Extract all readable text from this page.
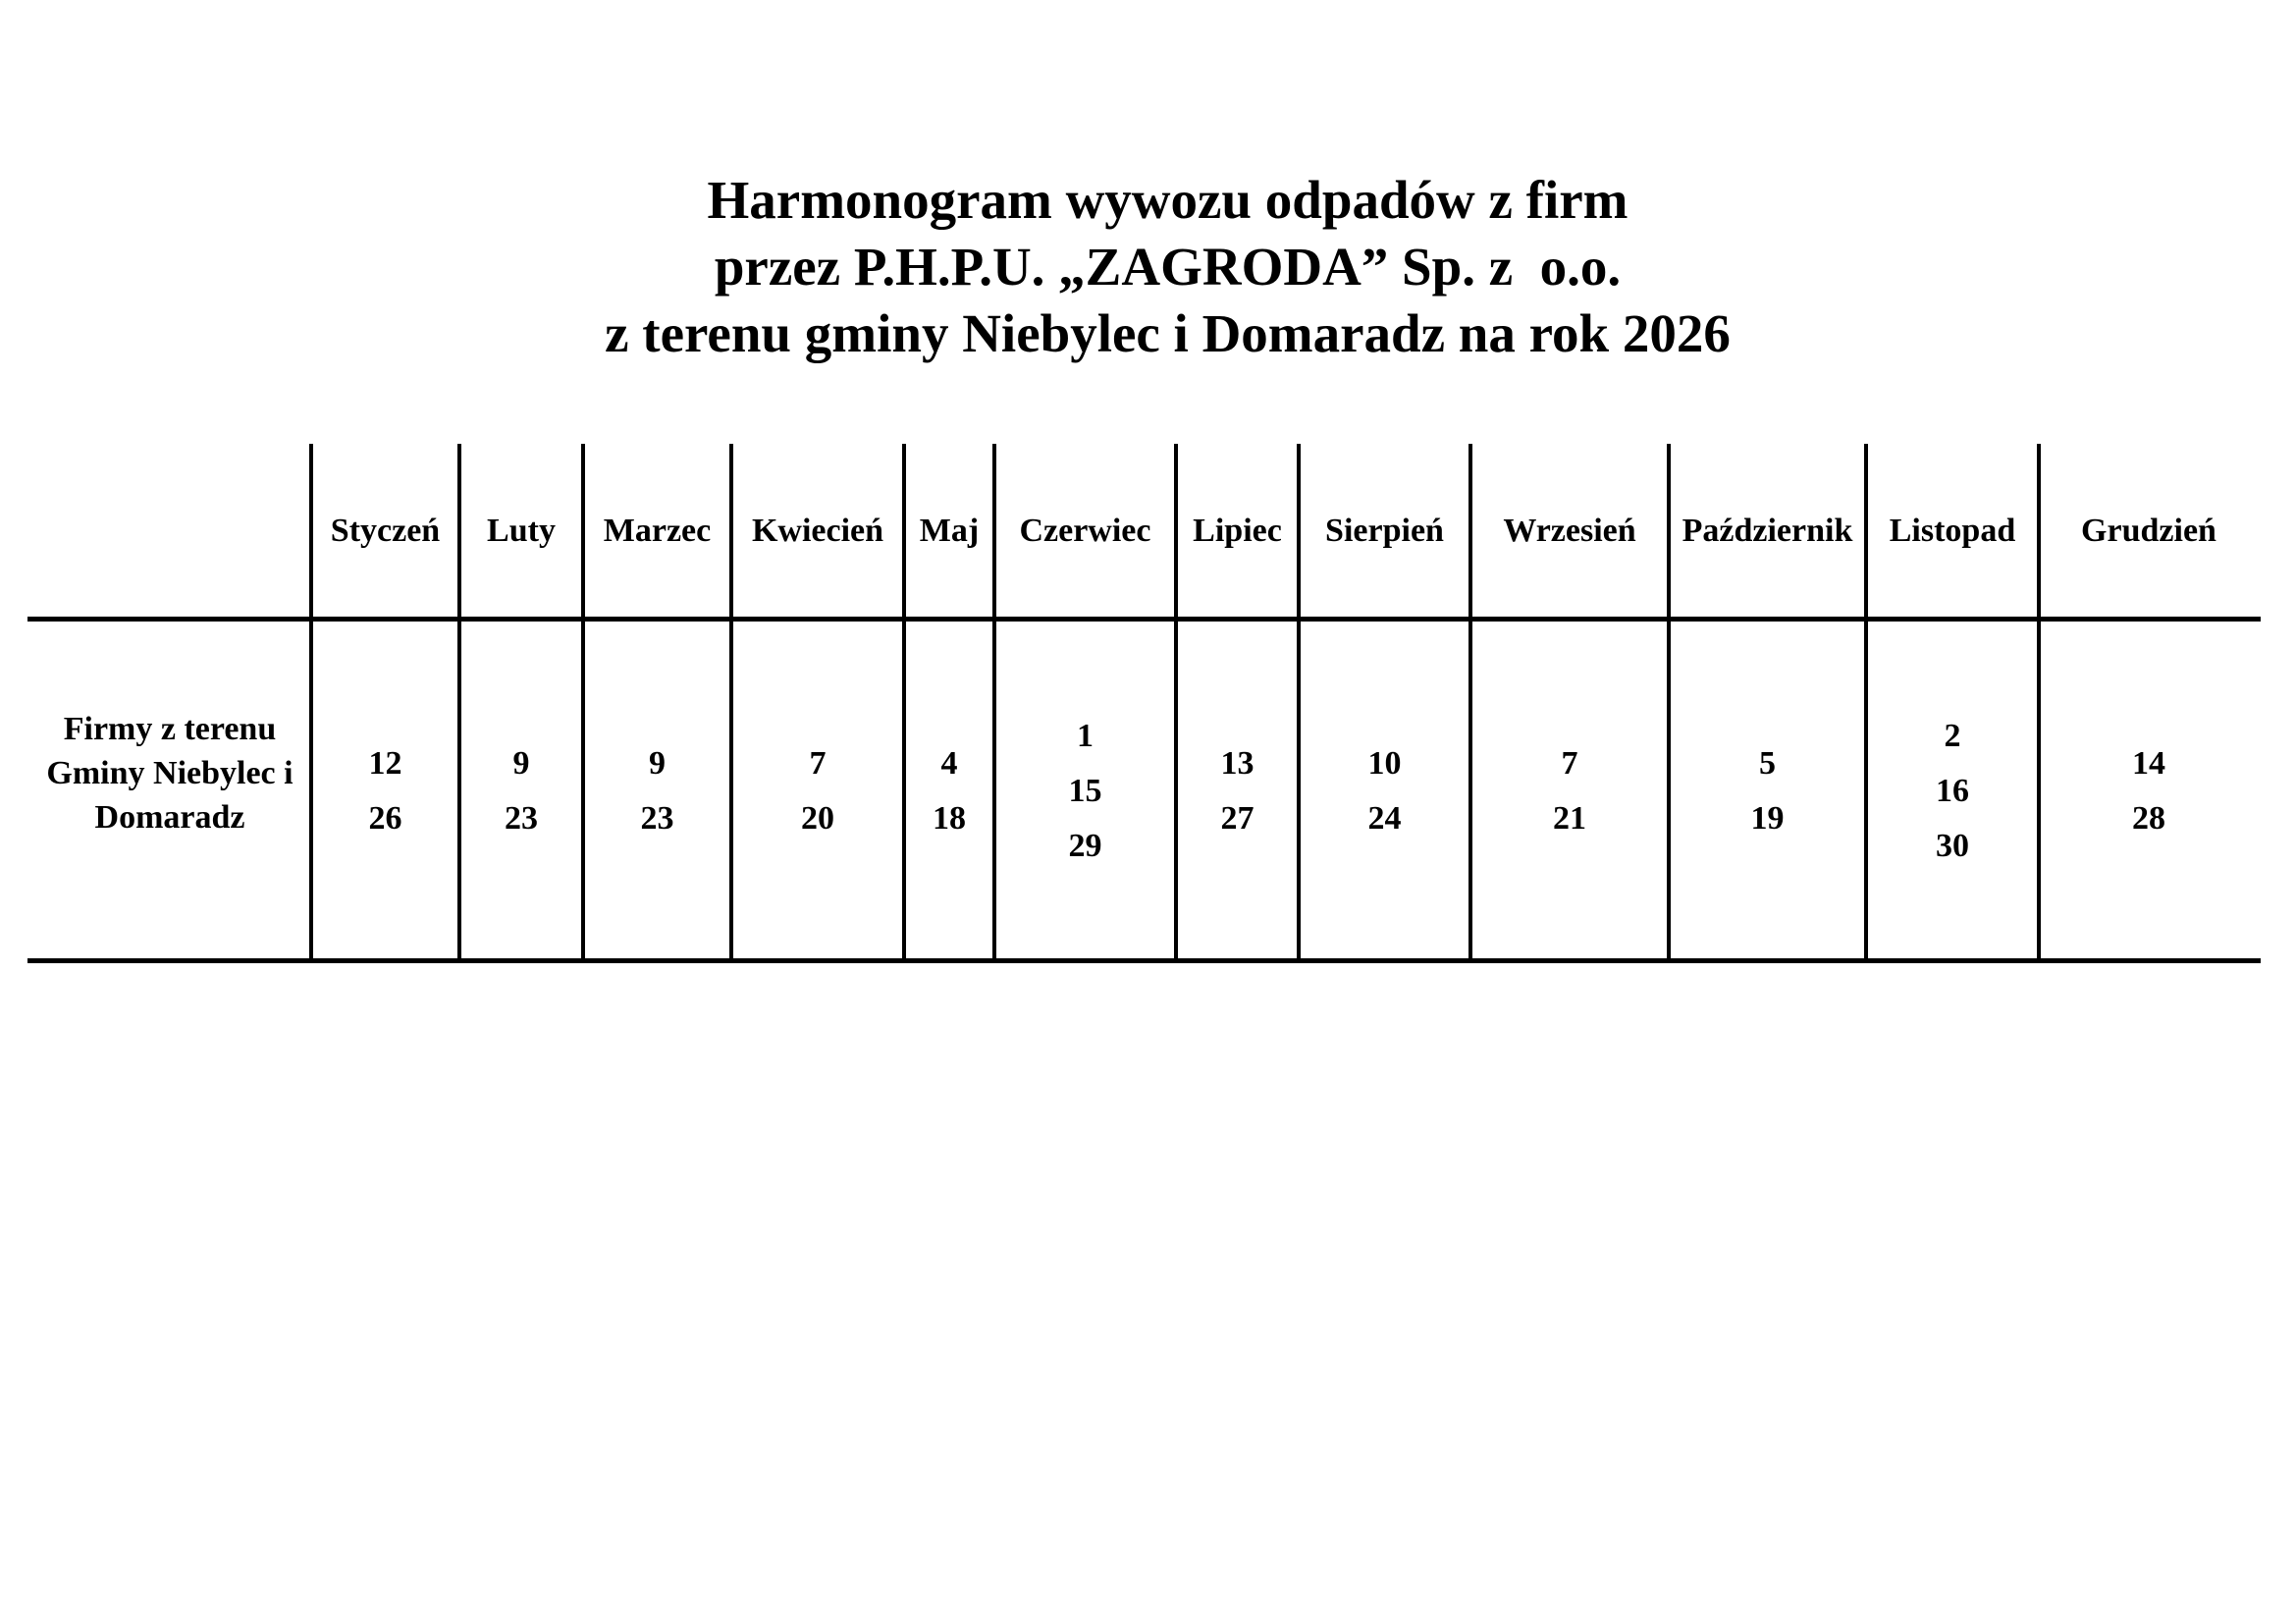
Harmonogram wywozu odpadów z firm
przez P.H.P.U. „ZAGRODA” Sp. z  o.o.
z terenu gminy Niebylec i Domaradz na rok 2026
Firmy z terenu Gminy Niebylec i Domaradz
Styczeń
12
26
Luty
9
23
Marzec
9
23
Kwiecień
7
20
Maj
4
18
Czerwiec
1
15
29
Lipiec
13
27
Sierpień
10
24
Wrzesień
7
21
Październik
5
19
Listopad
2
16
30
Grudzień
14
28
